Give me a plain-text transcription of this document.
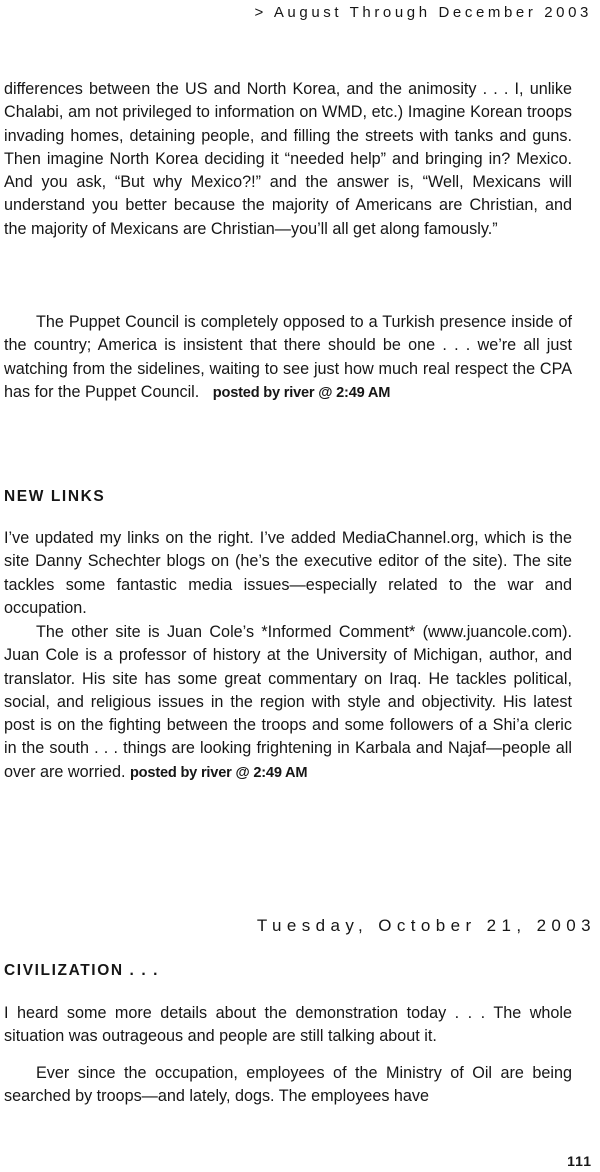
> August Through December 2003

differences between the US and North Korea, and the animosity . . . I, unlike Chalabi, am not privileged to information on WMD, etc.) Imagine Korean troops invading homes, detaining people, and filling the streets with tanks and guns. Then imagine North Korea deciding it “needed help” and bringing in? Mexico. And you ask, “But why Mexico?!” and the answer is, “Well, Mexicans will understand you better because the majority of Americans are Christian, and the majority of Mexicans are Christian—you’ll all get along famously.”

The Puppet Council is completely opposed to a Turkish presence inside of the country; America is insistent that there should be one . . . we’re all just watching from the sidelines, waiting to see just how much real respect the CPA has for the Puppet Council. posted by river @ 2:49 AM

NEW LINKS

I’ve updated my links on the right. I’ve added MediaChannel.org, which is the site Danny Schechter blogs on (he’s the executive editor of the site). The site tackles some fantastic media issues—especially related to the war and occupation.

The other site is Juan Cole’s *Informed Comment* (www.juancole.com). Juan Cole is a professor of history at the University of Michigan, author, and translator. His site has some great commentary on Iraq. He tackles political, social, and religious issues in the region with style and objectivity. His latest post is on the fighting between the troops and some followers of a Shi’a cleric in the south . . . things are looking frightening in Karbala and Najaf—people all over are worried. posted by river @ 2:49 AM

Tuesday, October 21, 2003
CIVILIZATION . . .

I heard some more details about the demonstration today . . . The whole situation was outrageous and people are still talking about it.

Ever since the occupation, employees of the Ministry of Oil are being searched by troops—and lately, dogs. The employees have

111
